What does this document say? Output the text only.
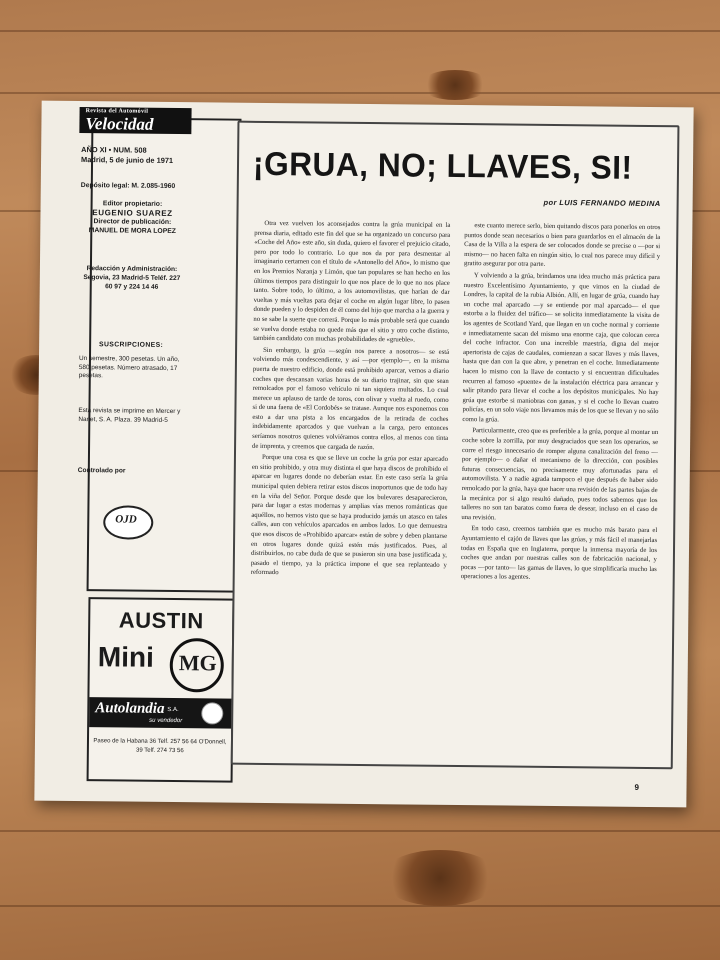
Revista del Automóvil
Velocidad
AÑO XI • NUM. 508
Madrid, 5 de junio de 1971
Depósito legal: M. 2.085-1960
Editor propietario:
EUGENIO SUAREZ
Director de publicación:
MANUEL DE MORA LOPEZ
Redacción y Administración: Segovia, 23 Madrid-5 Teléf. 227 60 97 y 224 14 46
SUSCRIPCIONES:
Un semestre, 300 pesetas. Un año, 580 pesetas. Número atrasado, 17 pesetas.
Esta revista se imprime en Mercer y Nanet, S. A. Plaza. 39 Madrid-5
Controlado por
OJD
AUSTIN
Mini MG
Autolandia S.A.
su vendedor
Paseo de la Habana 36 Telf. 257 56 64 O'Donnell, 39 Telf. 274 73 56
¡GRUA, NO; LLAVES, SI!
por LUIS FERNANDO MEDINA

Otra vez vuelven los aconsejados contra la grúa municipal en la prensa diaria, editado este fin del que se ha organizado un concurso para «Coche del Año» este año, sin duda, quiero el favorer el prejuicio citado, pero por todo lo contrario. Lo que nos da por para desmentar al imaginario certamen con el título de «Antonello del Año», lo mismo que en los Premios Naranja y Limón, que tan populares se han hecho en los últimos tiempos para distinguir lo que nos place de lo que no nos place tanto. Sobre todo, lo último, a los automovilistas, que harían de dar vueltas y más vueltas para dejar el coche en algún lugar libre, lo pasen donde pueden y lo despiden de él como del hijo que marcha a la guerra y no se sabe la suerte que correrá. Porque lo más probable será que cuando se vuelva donde estaba no quede más que el sitio y otro coche distinto, también candidato con muchas probabilidades de «grueble».

Sin embargo, la grúa —según nos parece a nosotros— se está volviendo más condescendiente, y así —por ejemplo—, en la misma puerta de nuestro edificio, donde está prohibido aparcar, vemos a diario coches que descansan varias horas de su diario trajinar, sin que sean remolcados por el famoso vehículo ni tan siquiera multados. Lo cual merece un aplauso de tarde de toros, con olivar y vuelta al ruedo, como si de una faena de «El Cordobés» se tratase. Aunque nos exponemos con esto a dar una pista a los encargados de la retirada de coches indebidamente aparcados y que vuelvan a la carga, pero entonces seríamos nosotros quienes volviéramos contra ellos, al menos con tinta de imprenta, y creemos que cargada de razón.

Porque una cosa es que se lleve un coche la grúa por estar aparcado en sitio prohibido, y otra muy distinta el que haya discos de prohibido el aparcar en lugares donde no deberían estar. En este caso sería la grúa municipal quien debiera retirar estos discos inoportunos que de todo hay en la viña del Señor. Porque desde que los bulevares desaparecieron, para dar lugar a estas modernas y amplias vías menos románticas que aquéllos, no hemos visto que se haya producido jamás un atasco en tales calles, aun con vehículos aparcados en ambos lados. Lo que demuestra que esos discos de «Prohibido aparcar» están de sobre y deben plantarse en otros lugares donde quizá estén más justificados. Pues, al distribuirlos, no cabe duda de que se pusieron sin una base justificada y, pasado el tiempo, ya la práctica impone el que sea replanteado y reformado

este cuanto merece serlo, bien quitando discos para ponerlos en otros puntos donde sean necesarios o bien para guardarlos en el almacén de la Casa de la Villa a la espera de ser colocados donde se precise o —por si mismo— no hacen falta en ningún sitio, lo cual nos parece muy difícil y gratito asegurar por otra parte.

Y volviendo a la grúa, brindamos una idea mucho más práctica para nuestro Excelentísimo Ayuntamiento, y que vimos en la ciudad de Londres, la capital de la rubia Albión. Allí, en lugar de grúa, cuando hay un coche mal aparcado —y se entiende por mal aparcado— el que estorba a la fluidez del tráfico— se solicita inmediatamente la visita de los agentes de Scotland Yard, que llegan en un coche normal y corriente e inmediatamente sacan del mismo una enorme caja, que colocan cerca del coche infractor. Con una increíble maestría, digna del mejor apertorista de cajas de caudales, comienzan a sacar llaves y más llaves, hasta que dan con la que abre, y penetran en el coche. Inmediatamente hacen lo mismo con la llave de contacto y si encuentran dificultades recurren al famoso «puente» de la instalación eléctrica para arrancar y salir pitando para llevar el coche a los depósitos municipales. No hay grúa que estorbe si maniobras con ganas, y si el coche lo llevan cuatro policías, en un solo viaje nos llevamos más de los que se llevan y no sólo como la grúa.

Particularmente, creo que es preferible a la grúa, porque al montar un coche sobre la zorrilla, por muy desgraciados que sean los operarios, se corre el riesgo innecesario de romper alguna canalización del freno —por ejemplo— o dañar el mecanismo de la dirección, con posibles futuras consecuencias, no precisamente muy afortunadas para el automovilista. Y a nadie agrada tampoco el que después de haber sido remolcado por la grúa, haya que hacer una revisión de las partes bajas de la mecánica por si algo resultó dañado, pues todos sabemos que los talleres no son tan baratos como fuera de desear, incluso en el caso de una revisión.

En todo caso, creemos también que es mucho más barato para el Ayuntamiento el cajón de llaves que las grúas, y más fácil el manejarlas todas en España que en Inglaterra, porque la inmensa mayoría de los coches que andan por nuestras calles son de fabricación nacional, y pocas —por tanto— las gamas de llaves, lo que simplificaría mucho las operaciones a los agentes.

9
